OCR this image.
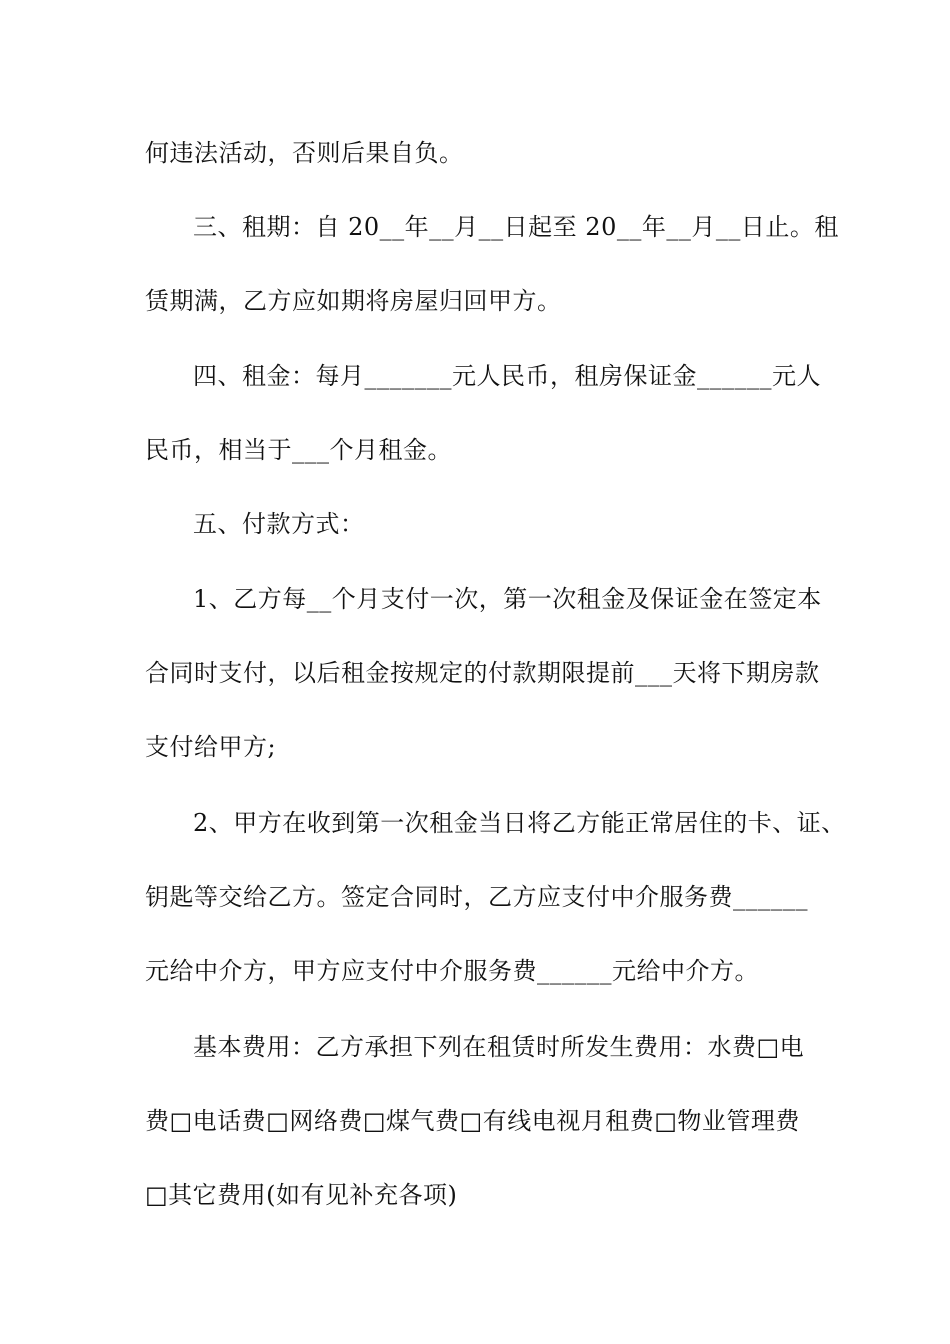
何违法活动，否则后果自负。
三、租期：自 20__年__月__日起至 20__年__月__日止。租
赁期满，乙方应如期将房屋归回甲方。
四、租金：每月_______元人民币，租房保证金______元人
民币，相当于___个月租金。
五、付款方式：
1、乙方每__个月支付一次，第一次租金及保证金在签定本
合同时支付，以后租金按规定的付款期限提前___天将下期房款
支付给甲方;
2、甲方在收到第一次租金当日将乙方能正常居住的卡、证、
钥匙等交给乙方。签定合同时，乙方应支付中介服务费______
元给中介方，甲方应支付中介服务费______元给中介方。
基本费用：乙方承担下列在租赁时所发生费用：水费□电
费□电话费□网络费□煤气费□有线电视月租费□物业管理费
□其它费用(如有见补充各项)
